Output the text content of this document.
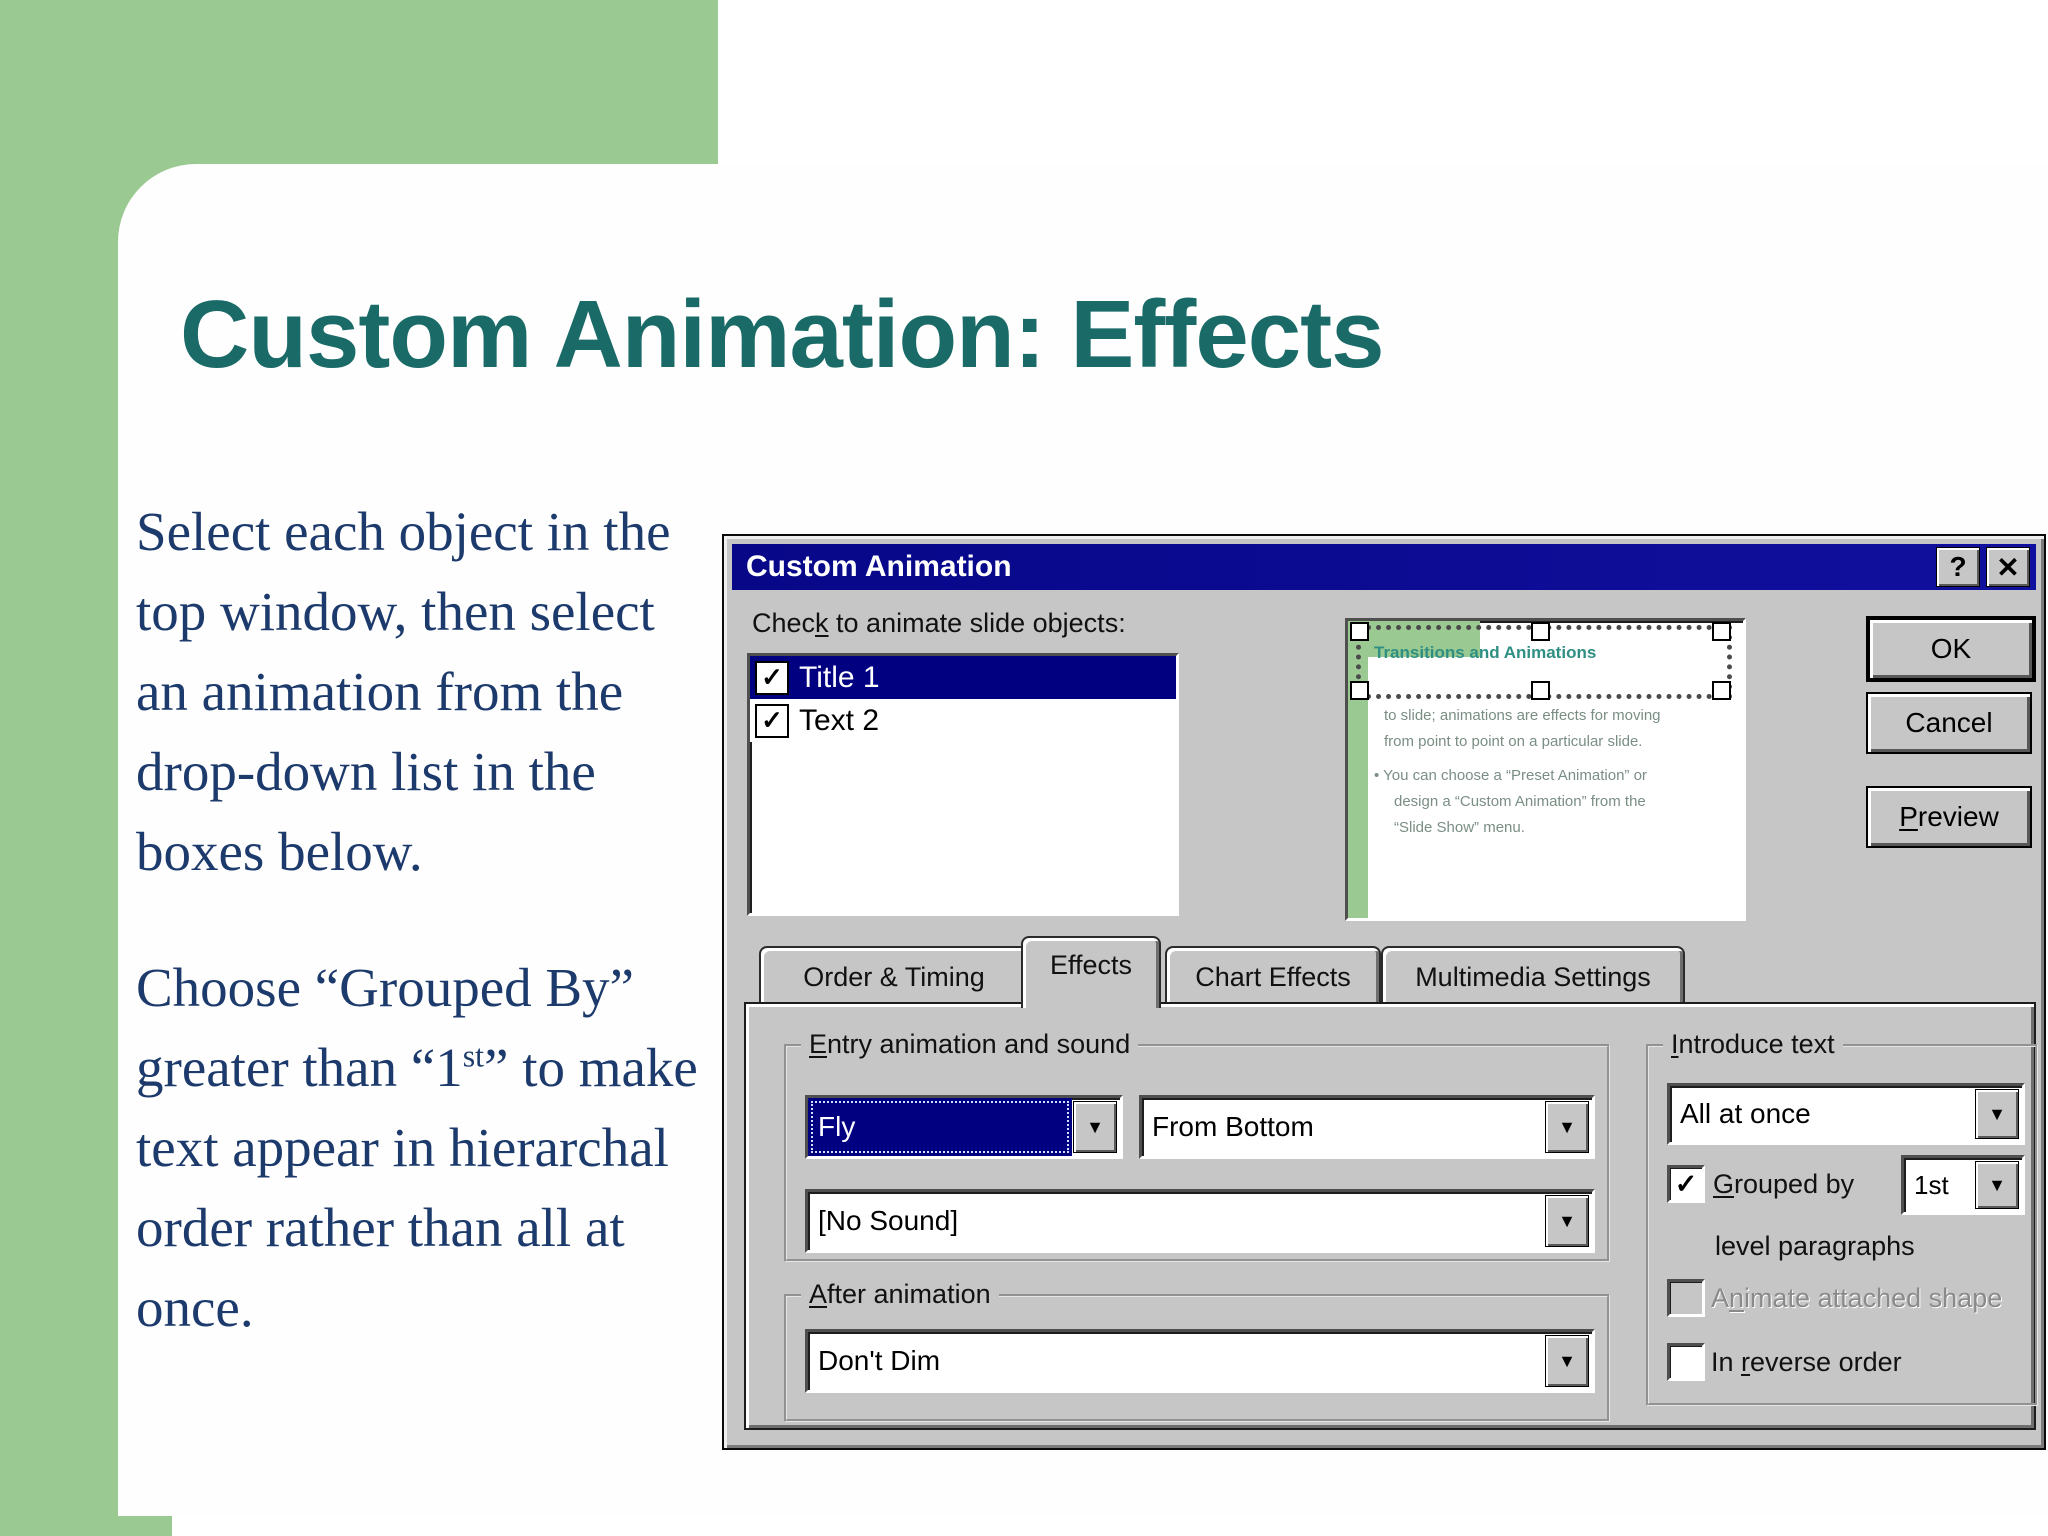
Custom Animation: Effects
Select each object in the top window, then select an animation from the drop-down list in the boxes below.
Choose “Grouped By” greater than “1st” to make text appear in hierarchal order rather than all at once.
Custom Animation	? ✕
Check to animate slide objects:
✓ Title 1
✓ Text 2
Transitions and Animations
to slide; animations are effects for moving
from point to point on a particular slide.
• You can choose a “Preset Animation” or
design a “Custom Animation” from the
“Slide Show” menu.
OK
Cancel
Preview
Order & Timing Effects Chart Effects Multimedia Settings
Entry animation and sound
Fly	▼ From Bottom	▼
[No Sound]	▼
After animation
Don't Dim	▼
Introduce text
All at once	▼
✓ Grouped by 1st	▼
level paragraphs
Animate attached shape
In reverse order
